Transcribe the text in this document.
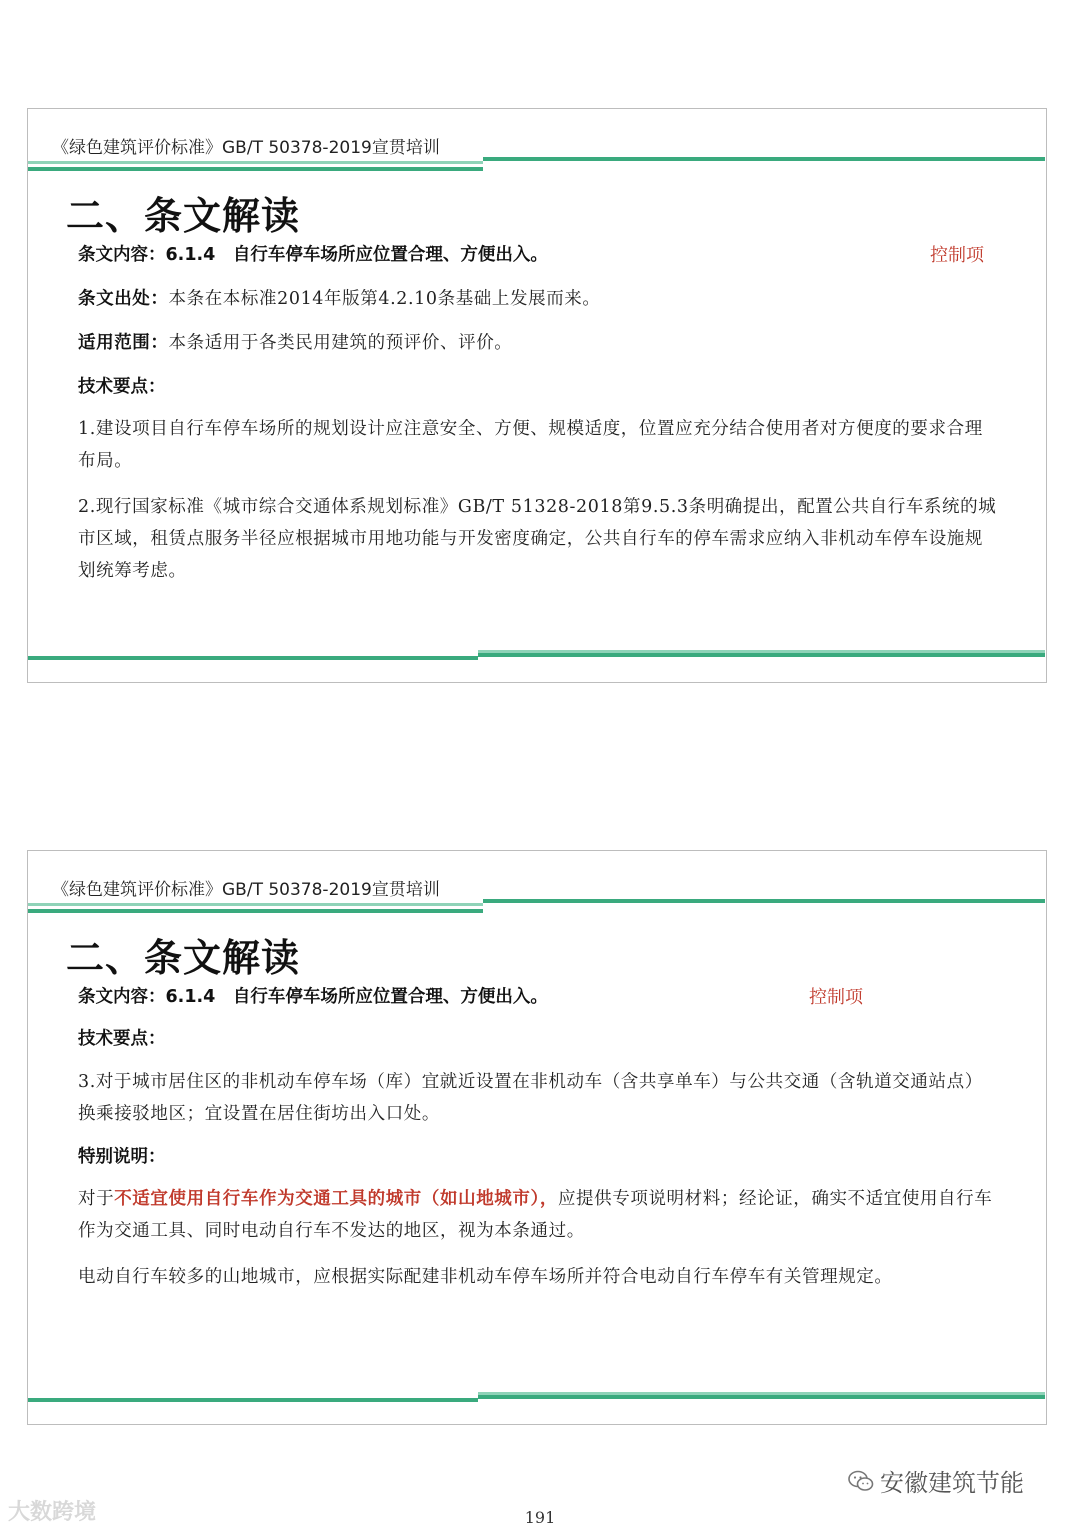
《绿色建筑评价标准》GB/T 50378-2019宣贯培训
二、条文解读
条文内容：6.1.4　自行车停车场所应位置合理、方便出入。	控制项
条文出处：本条在本标准2014年版第4.2.10条基础上发展而来。
适用范围：本条适用于各类民用建筑的预评价、评价。
技术要点：
1.建设项目自行车停车场所的规划设计应注意安全、方便、规模适度，位置应充分结合使用者对方便度的要求合理布局。
2.现行国家标准《城市综合交通体系规划标准》GB/T 51328-2018第9.5.3条明确提出，配置公共自行车系统的城市区域，租赁点服务半径应根据城市用地功能与开发密度确定，公共自行车的停车需求应纳入非机动车停车设施规划统筹考虑。
《绿色建筑评价标准》GB/T 50378-2019宣贯培训
二、条文解读
条文内容：6.1.4　自行车停车场所应位置合理、方便出入。	控制项
技术要点：
3.对于城市居住区的非机动车停车场（库）宜就近设置在非机动车（含共享单车）与公共交通（含轨道交通站点）换乘接驳地区；宜设置在居住街坊出入口处。
特别说明：
对于不适宜使用自行车作为交通工具的城市（如山地城市），应提供专项说明材料；经论证，确实不适宜使用自行车作为交通工具、同时电动自行车不发达的地区，视为本条通过。
电动自行车较多的山地城市，应根据实际配建非机动车停车场所并符合电动自行车停车有关管理规定。
大数跨境
安徽建筑节能
191
